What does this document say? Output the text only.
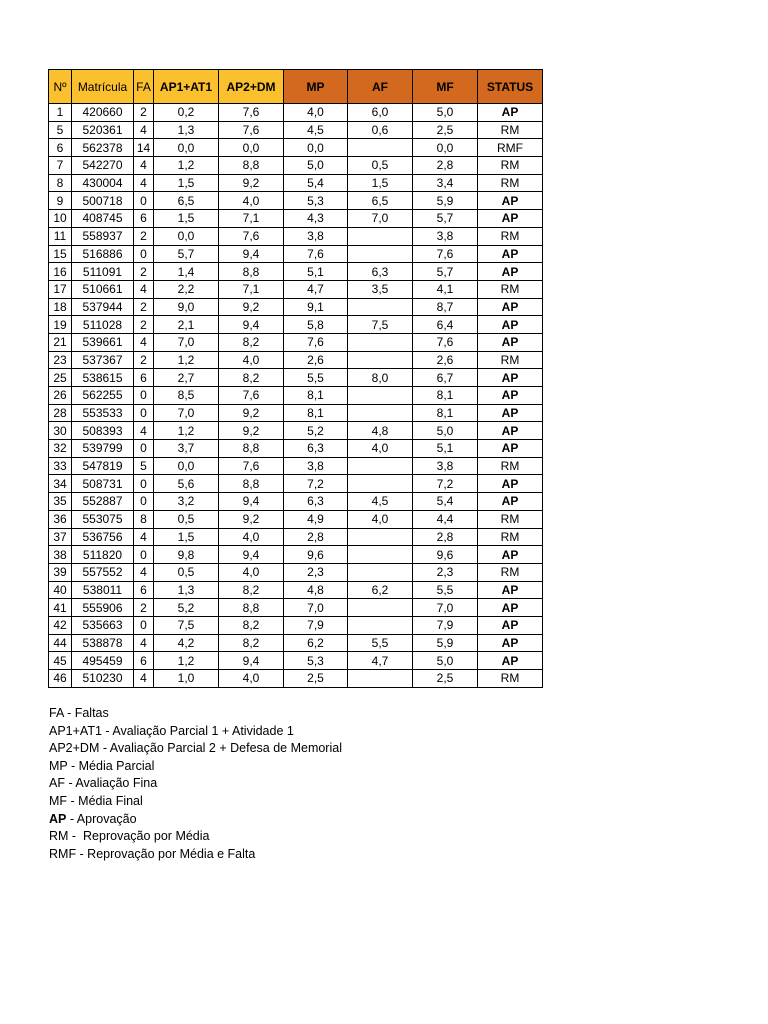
Nº	Matrícula	FA	AP1+AT1	AP2+DM	MP	AF	MF	STATUS
1	420660	2	0,2	7,6	4,0	6,0	5,0	AP
5	520361	4	1,3	7,6	4,5	0,6	2,5	RM
6	562378	14	0,0	0,0	0,0		0,0	RMF
7	542270	4	1,2	8,8	5,0	0,5	2,8	RM
8	430004	4	1,5	9,2	5,4	1,5	3,4	RM
9	500718	0	6,5	4,0	5,3	6,5	5,9	AP
10	408745	6	1,5	7,1	4,3	7,0	5,7	AP
11	558937	2	0,0	7,6	3,8		3,8	RM
15	516886	0	5,7	9,4	7,6		7,6	AP
16	511091	2	1,4	8,8	5,1	6,3	5,7	AP
17	510661	4	2,2	7,1	4,7	3,5	4,1	RM
18	537944	2	9,0	9,2	9,1		8,7	AP
19	511028	2	2,1	9,4	5,8	7,5	6,4	AP
21	539661	4	7,0	8,2	7,6		7,6	AP
23	537367	2	1,2	4,0	2,6		2,6	RM
25	538615	6	2,7	8,2	5,5	8,0	6,7	AP
26	562255	0	8,5	7,6	8,1		8,1	AP
28	553533	0	7,0	9,2	8,1		8,1	AP
30	508393	4	1,2	9,2	5,2	4,8	5,0	AP
32	539799	0	3,7	8,8	6,3	4,0	5,1	AP
33	547819	5	0,0	7,6	3,8		3,8	RM
34	508731	0	5,6	8,8	7,2		7,2	AP
35	552887	0	3,2	9,4	6,3	4,5	5,4	AP
36	553075	8	0,5	9,2	4,9	4,0	4,4	RM
37	536756	4	1,5	4,0	2,8		2,8	RM
38	511820	0	9,8	9,4	9,6		9,6	AP
39	557552	4	0,5	4,0	2,3		2,3	RM
40	538011	6	1,3	8,2	4,8	6,2	5,5	AP
41	555906	2	5,2	8,8	7,0		7,0	AP
42	535663	0	7,5	8,2	7,9		7,9	AP
44	538878	4	4,2	8,2	6,2	5,5	5,9	AP
45	495459	6	1,2	9,4	5,3	4,7	5,0	AP
46	510230	4	1,0	4,0	2,5		2,5	RM
FA - Faltas
AP1+AT1 - Avaliação Parcial 1 + Atividade 1
AP2+DM - Avaliação Parcial 2 + Defesa de Memorial
MP - Média Parcial
AF - Avaliação Fina
MF - Média Final
AP - Aprovação
RM -  Reprovação por Média
RMF - Reprovação por Média e Falta
